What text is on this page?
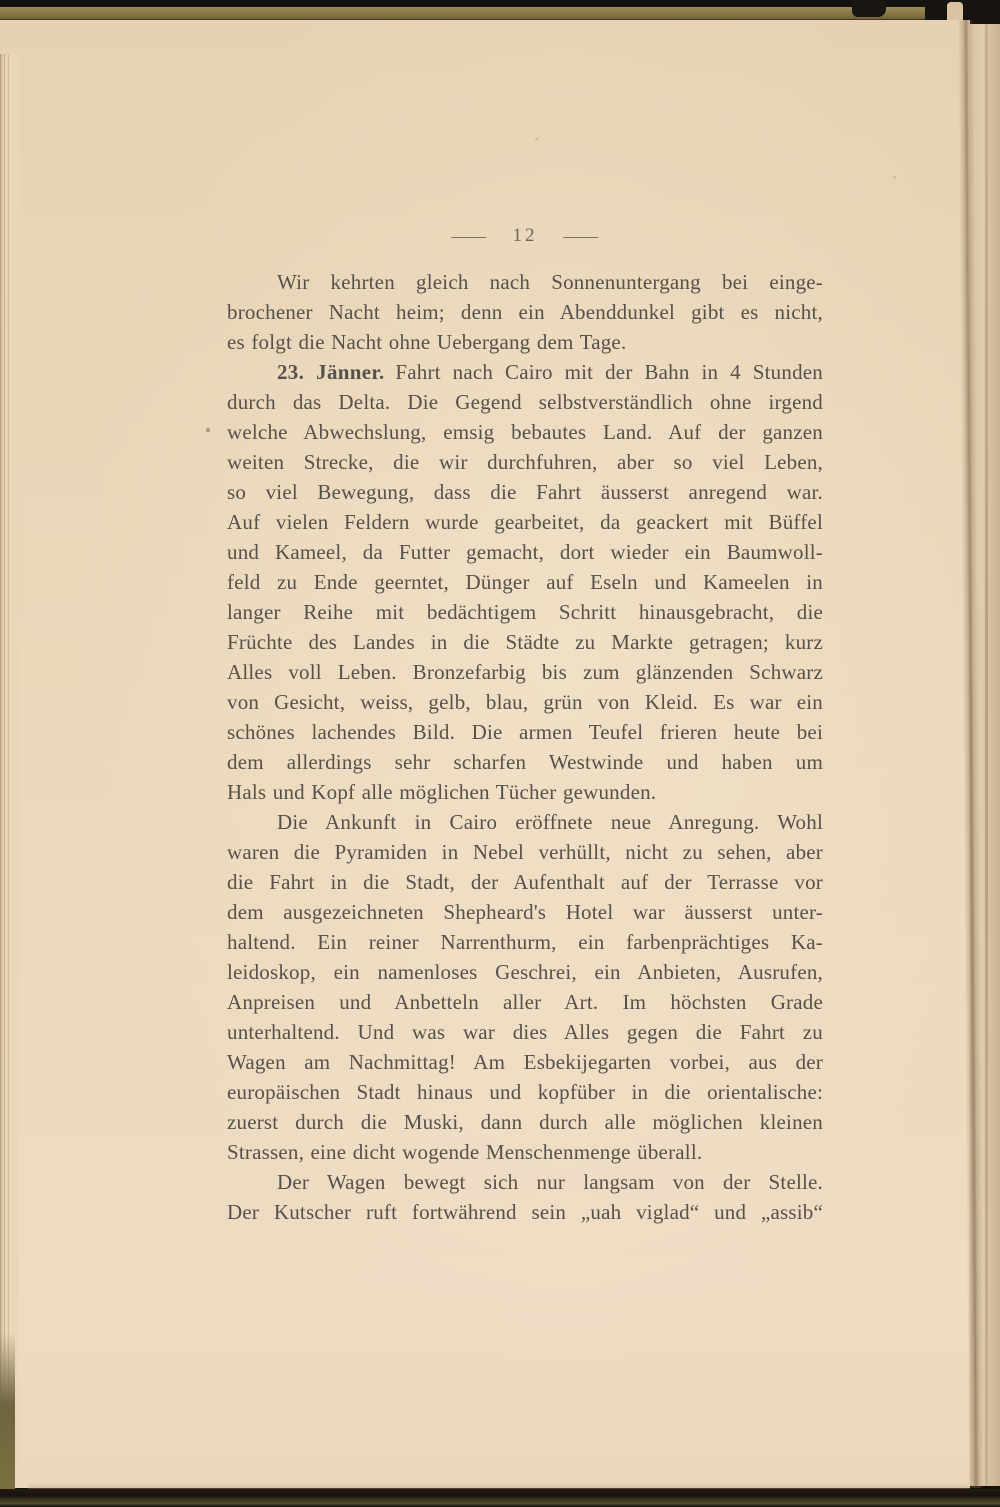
— 12 —
Wir kehrten gleich nach Sonnenuntergang bei einge-
brochener Nacht heim; denn ein Abenddunkel gibt es nicht,
es folgt die Nacht ohne Uebergang dem Tage.
23. Jänner. Fahrt nach Cairo mit der Bahn in 4 Stunden
durch das Delta. Die Gegend selbstverständlich ohne irgend
welche Abwechslung, emsig bebautes Land. Auf der ganzen
weiten Strecke, die wir durchfuhren, aber so viel Leben,
so viel Bewegung, dass die Fahrt äusserst anregend war.
Auf vielen Feldern wurde gearbeitet, da geackert mit Büffel
und Kameel, da Futter gemacht, dort wieder ein Baumwoll-
feld zu Ende geerntet, Dünger auf Eseln und Kameelen in
langer Reihe mit bedächtigem Schritt hinausgebracht, die
Früchte des Landes in die Städte zu Markte getragen; kurz
Alles voll Leben. Bronzefarbig bis zum glänzenden Schwarz
von Gesicht, weiss, gelb, blau, grün von Kleid. Es war ein
schönes lachendes Bild. Die armen Teufel frieren heute bei
dem allerdings sehr scharfen Westwinde und haben um
Hals und Kopf alle möglichen Tücher gewunden.
Die Ankunft in Cairo eröffnete neue Anregung. Wohl
waren die Pyramiden in Nebel verhüllt, nicht zu sehen, aber
die Fahrt in die Stadt, der Aufenthalt auf der Terrasse vor
dem ausgezeichneten Shepheard's Hotel war äusserst unter-
haltend. Ein reiner Narrenthurm, ein farbenprächtiges Ka-
leidoskop, ein namenloses Geschrei, ein Anbieten, Ausrufen,
Anpreisen und Anbetteln aller Art. Im höchsten Grade
unterhaltend. Und was war dies Alles gegen die Fahrt zu
Wagen am Nachmittag! Am Esbekijegarten vorbei, aus der
europäischen Stadt hinaus und kopfüber in die orientalische:
zuerst durch die Muski, dann durch alle möglichen kleinen
Strassen, eine dicht wogende Menschenmenge überall.
Der Wagen bewegt sich nur langsam von der Stelle.
Der Kutscher ruft fortwährend sein „uah viglad“ und „assib“
